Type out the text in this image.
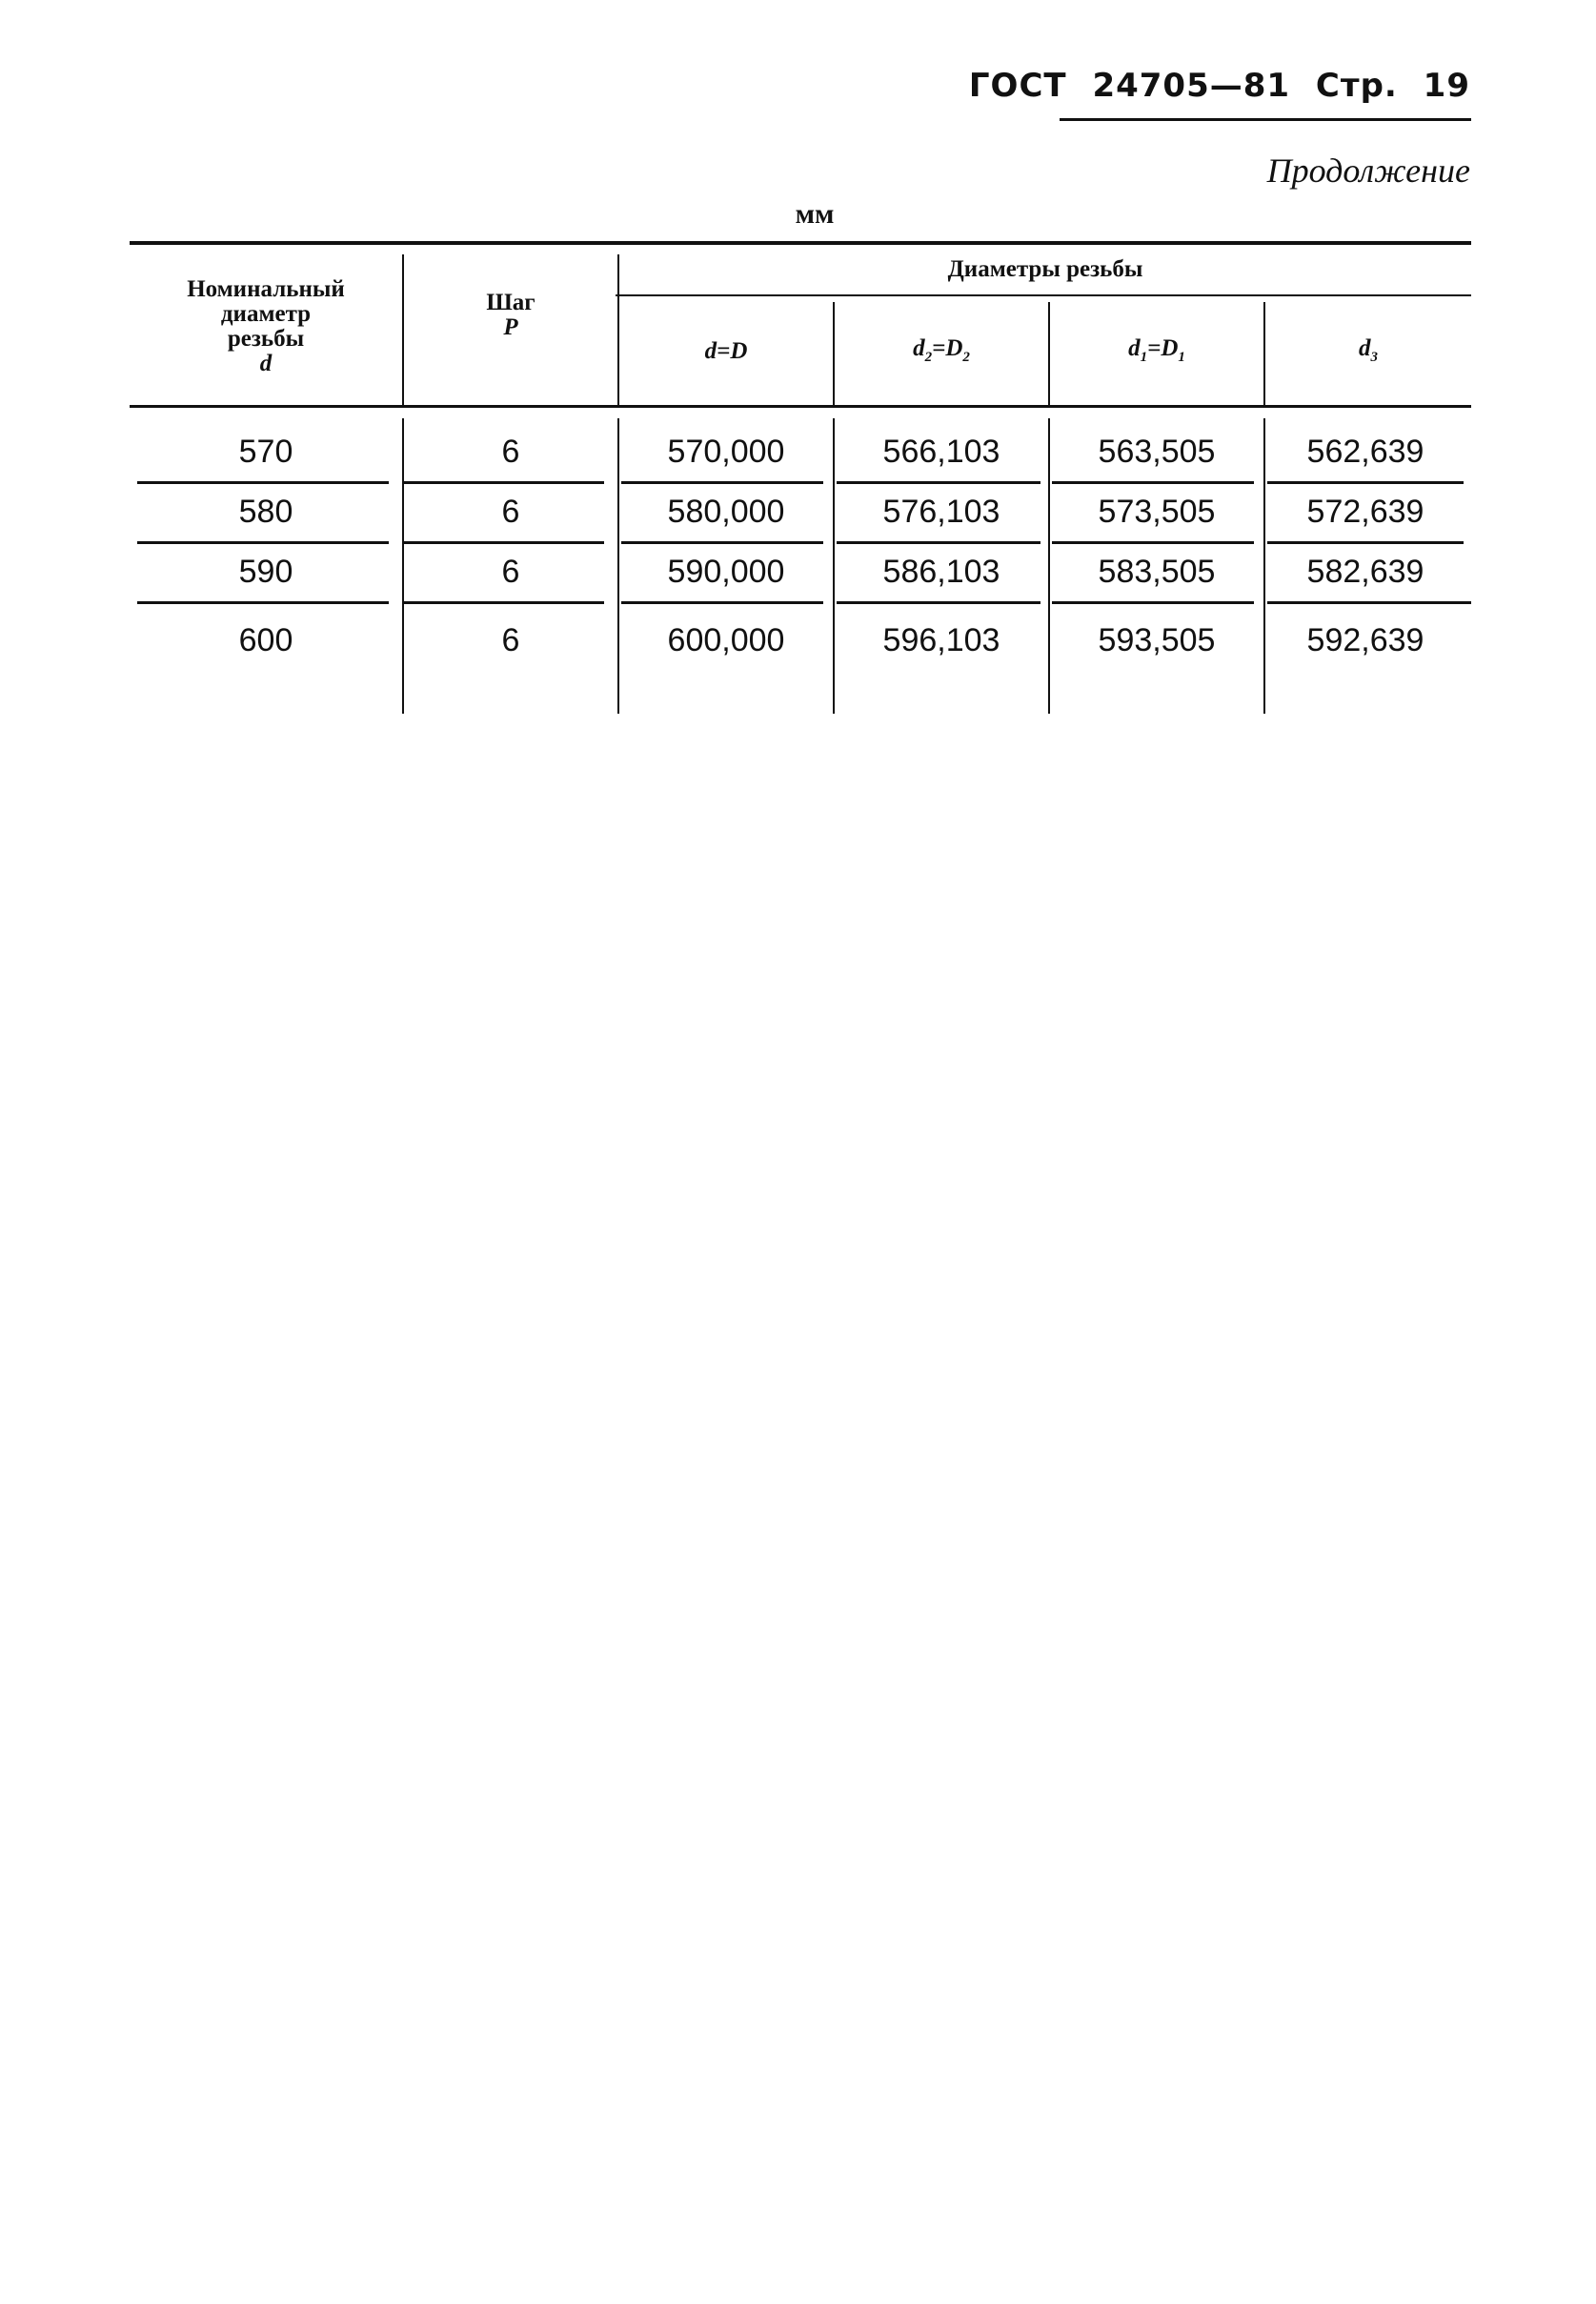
ГОСТ 24705—81 Стр. 19
Продолжение
мм
Номинальный
диаметр
резьбы
d
Шаг
P
Диаметры резьбы
d=D	$d_2=D_2$	$d_1=D_1$	$d_3$
570	6	570,000	566,103	563,505	562,639
580	6	580,000	576,103	573,505	572,639
590	6	590,000	586,103	583,505	582,639
600	6	600,000	596,103	593,505	592,639
